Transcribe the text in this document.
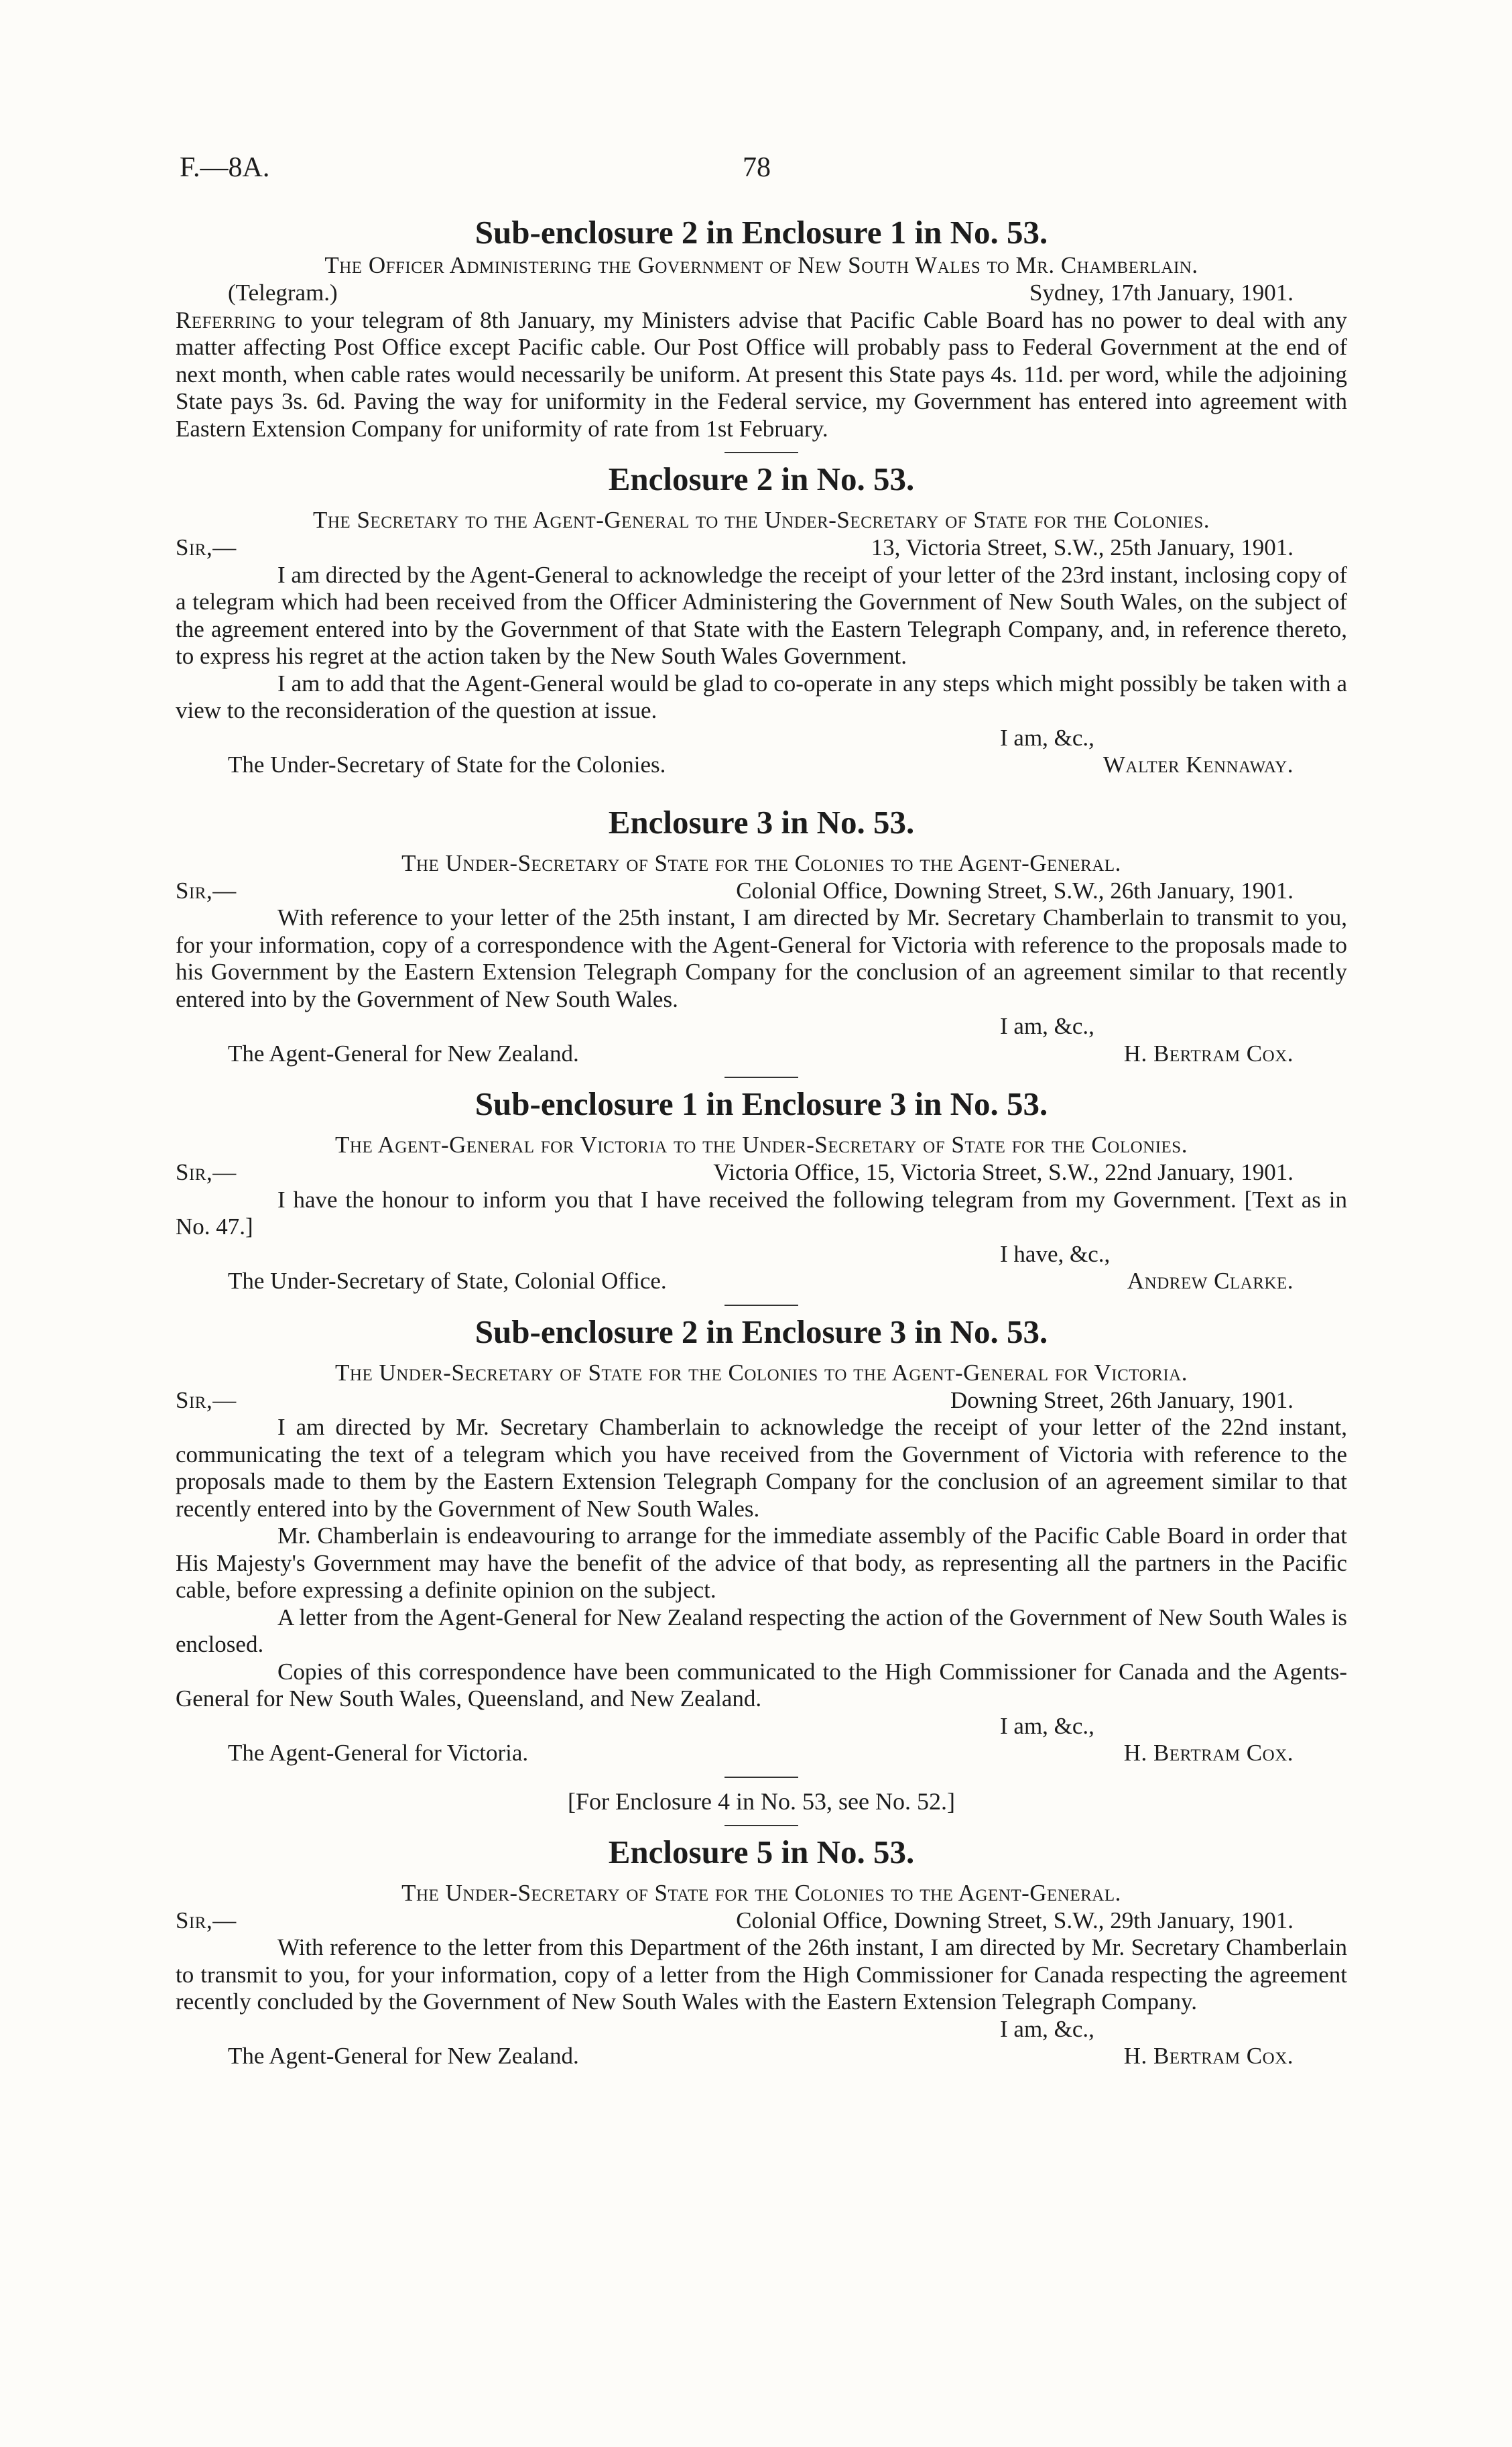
F.—8A.	78
Sub-enclosure 2 in Enclosure 1 in No. 53.

The Officer Administering the Government of New South Wales to Mr. Chamberlain.

(Telegram.)	Sydney, 17th January, 1901.

Referring to your telegram of 8th January, my Ministers advise that Pacific Cable Board has no power to deal with any matter affecting Post Office except Pacific cable. Our Post Office will probably pass to Federal Government at the end of next month, when cable rates would necessarily be uniform. At present this State pays 4s. 11d. per word, while the adjoining State pays 3s. 6d. Paving the way for uniformity in the Federal service, my Government has entered into agreement with Eastern Extension Company for uniformity of rate from 1st February.

Enclosure 2 in No. 53.

The Secretary to the Agent-General to the Under-Secretary of State for the Colonies.

Sir,—	13, Victoria Street, S.W., 25th January, 1901.

I am directed by the Agent-General to acknowledge the receipt of your letter of the 23rd instant, inclosing copy of a telegram which had been received from the Officer Administering the Government of New South Wales, on the subject of the agreement entered into by the Government of that State with the Eastern Telegraph Company, and, in reference thereto, to express his regret at the action taken by the New South Wales Government.

I am to add that the Agent-General would be glad to co-operate in any steps which might possibly be taken with a view to the reconsideration of the question at issue.

I am, &c.,
The Under-Secretary of State for the Colonies.	Walter Kennaway.
Enclosure 3 in No. 53.

The Under-Secretary of State for the Colonies to the Agent-General.

Sir,—	Colonial Office, Downing Street, S.W., 26th January, 1901.

With reference to your letter of the 25th instant, I am directed by Mr. Secretary Chamberlain to transmit to you, for your information, copy of a correspondence with the Agent-General for Victoria with reference to the proposals made to his Government by the Eastern Extension Telegraph Company for the conclusion of an agreement similar to that recently entered into by the Government of New South Wales.

I am, &c.,
The Agent-General for New Zealand.	H. Bertram Cox.
Sub-enclosure 1 in Enclosure 3 in No. 53.

The Agent-General for Victoria to the Under-Secretary of State for the Colonies.

Sir,—	Victoria Office, 15, Victoria Street, S.W., 22nd January, 1901.

I have the honour to inform you that I have received the following telegram from my Government. [Text as in No. 47.]

I have, &c.,
The Under-Secretary of State, Colonial Office.	Andrew Clarke.
Sub-enclosure 2 in Enclosure 3 in No. 53.

The Under-Secretary of State for the Colonies to the Agent-General for Victoria.

Sir,—	Downing Street, 26th January, 1901.

I am directed by Mr. Secretary Chamberlain to acknowledge the receipt of your letter of the 22nd instant, communicating the text of a telegram which you have received from the Government of Victoria with reference to the proposals made to them by the Eastern Extension Telegraph Company for the conclusion of an agreement similar to that recently entered into by the Government of New South Wales.

Mr. Chamberlain is endeavouring to arrange for the immediate assembly of the Pacific Cable Board in order that His Majesty's Government may have the benefit of the advice of that body, as representing all the partners in the Pacific cable, before expressing a definite opinion on the subject.

A letter from the Agent-General for New Zealand respecting the action of the Government of New South Wales is enclosed.

Copies of this correspondence have been communicated to the High Commissioner for Canada and the Agents-General for New South Wales, Queensland, and New Zealand.

I am, &c.,
The Agent-General for Victoria.	H. Bertram Cox.

[For Enclosure 4 in No. 53, see No. 52.]

Enclosure 5 in No. 53.

The Under-Secretary of State for the Colonies to the Agent-General.

Sir,—	Colonial Office, Downing Street, S.W., 29th January, 1901.

With reference to the letter from this Department of the 26th instant, I am directed by Mr. Secretary Chamberlain to transmit to you, for your information, copy of a letter from the High Commissioner for Canada respecting the agreement recently concluded by the Government of New South Wales with the Eastern Extension Telegraph Company.

I am, &c.,
The Agent-General for New Zealand.	H. Bertram Cox.
